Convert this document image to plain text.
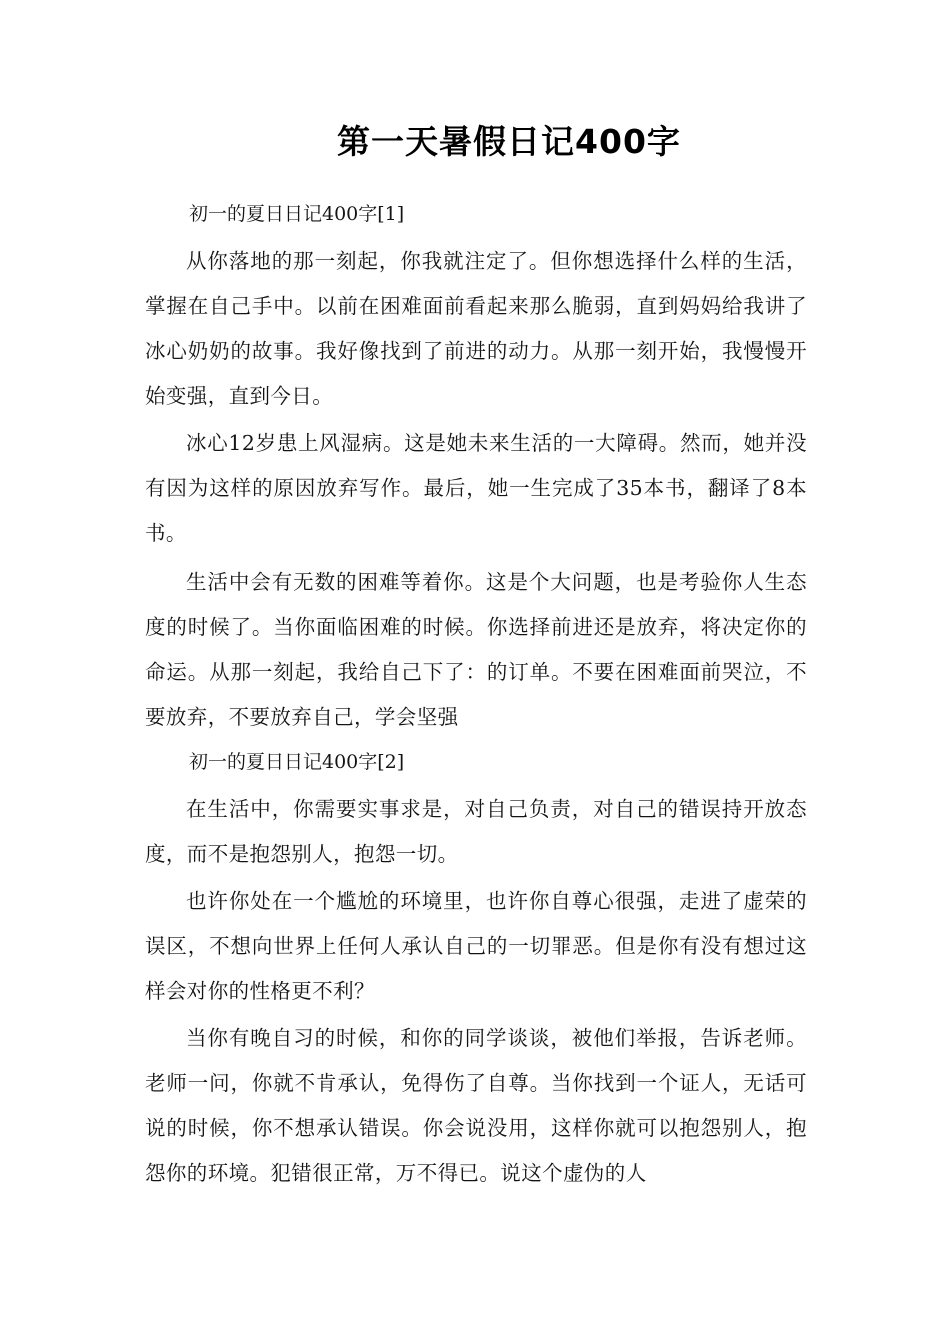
第一天暑假日记400字

初一的夏日日记400字[1]

从你落地的那一刻起，你我就注定了。但你想选择什么样的生活，掌握在自己手中。以前在困难面前看起来那么脆弱，直到妈妈给我讲了冰心奶奶的故事。我好像找到了前进的动力。从那一刻开始，我慢慢开始变强，直到今日。

冰心12岁患上风湿病。这是她未来生活的一大障碍。然而，她并没有因为这样的原因放弃写作。最后，她一生完成了35本书，翻译了8本书。

生活中会有无数的困难等着你。这是个大问题，也是考验你人生态度的时候了。当你面临困难的时候。你选择前进还是放弃，将决定你的命运。从那一刻起，我给自己下了：的订单。不要在困难面前哭泣，不要放弃，不要放弃自己，学会坚强

初一的夏日日记400字[2]

在生活中，你需要实事求是，对自己负责，对自己的错误持开放态度，而不是抱怨别人，抱怨一切。

也许你处在一个尴尬的环境里，也许你自尊心很强，走进了虚荣的误区，不想向世界上任何人承认自己的一切罪恶。但是你有没有想过这样会对你的性格更不利？

当你有晚自习的时候，和你的同学谈谈，被他们举报，告诉老师。老师一问，你就不肯承认，免得伤了自尊。当你找到一个证人，无话可说的时候，你不想承认错误。你会说没用，这样你就可以抱怨别人，抱怨你的环境。犯错很正常，万不得已。说这个虚伪的人
